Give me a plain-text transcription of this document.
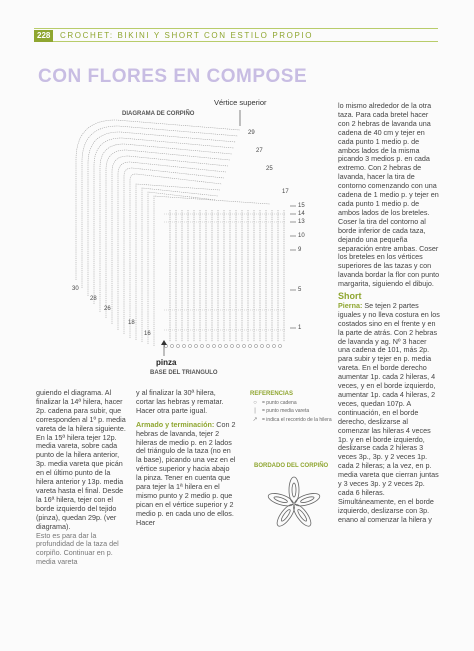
228	CROCHET: BIKINI Y SHORT CON ESTILO PROPIO
CON FLORES EN COMPOSE
DIAGRAMA DE CORPIÑO
Vértice superior
29
27
25
17
15
14
13
10
9
5
1
30
28
26
18
16
pinza
BASE DEL TRIANGULO

guiendo el diagrama. Al finalizar la 14ª hilera, hacer 2p. cadena para subir, que corresponden al 1º p. media vareta de la hilera siguiente. En la 15ª hilera tejer 12p. media vareta, sobre cada punto de la hilera anterior, 3p. media vareta que picán en el último punto de la hilera anterior y 13p. media vareta hasta el final. Desde la 16ª hilera, tejer con el borde izquierdo del tejido (pinza), quedan 29p. (ver diagrama).

Esto es para dar la profundidad de la taza del corpiño. Continuar en p. media vareta

y al finalizar la 30ª hilera, cortar las hebras y rematar. Hacer otra parte igual.

Armado y terminación: Con 2 hebras de lavanda, tejer 2 hileras de medio p. en 2 lados del triángulo de la taza (no en la base), picando una vez en el vértice superior y hacia abajo la pinza. Tener en cuenta que para tejer la 1ª hilera en el mismo punto y 2 medio p. que pican en el vértice superior y 2 medio p. en cada uno de ellos. Hacer

REFERENCIAS
○	= punto cadena
|	= punto media vareta
↗ = indica el recorrido de la hilera
BORDADO DEL CORPIÑO

lo mismo alrededor de la otra taza. Para cada bretel hacer con 2 hebras de lavanda una cadena de 40 cm y tejer en cada punto 1 medio p. de ambos lados de la misma picando 3 medios p. en cada extremo. Con 2 hebras de lavanda, hacer la tira de contorno comenzando con una cadena de 1 medio p. y tejer en cada punto 1 medio p. de ambos lados de los breteles. Coser la tira del contorno al borde inferior de cada taza, dejando una pequeña separación entre ambas. Coser los breteles en los vértices superiores de las tazas y con lavanda bordar la flor con punto margarita, siguiendo el dibujo.

Short

Pierna: Se tejen 2 partes iguales y no lleva costura en los costados sino en el frente y en la parte de atrás. Con 2 hebras de lavanda y ag. Nº 3 hacer una cadena de 101, más 2p. para subir y tejer en p. media vareta. En el borde derecho aumentar 1p. cada 2 hileras, 4 veces, y en el borde izquierdo, aumentar 1p. cada 4 hileras, 2 veces, quedan 107p. A continuación, en el borde derecho, deslizarse al comenzar las hileras 4 veces 1p. y en el borde izquierdo, deslizarse cada 2 hileras 3 veces 3p., 3p. y 2 veces 1p. cada 2 hileras; a la vez, en p. media vareta que cierran juntas y 3 veces 3p. y 2 veces 2p. cada 6 hileras. Simultáneamente, en el borde izquierdo, deslizarse con 3p. enano al comenzar la hilera y
